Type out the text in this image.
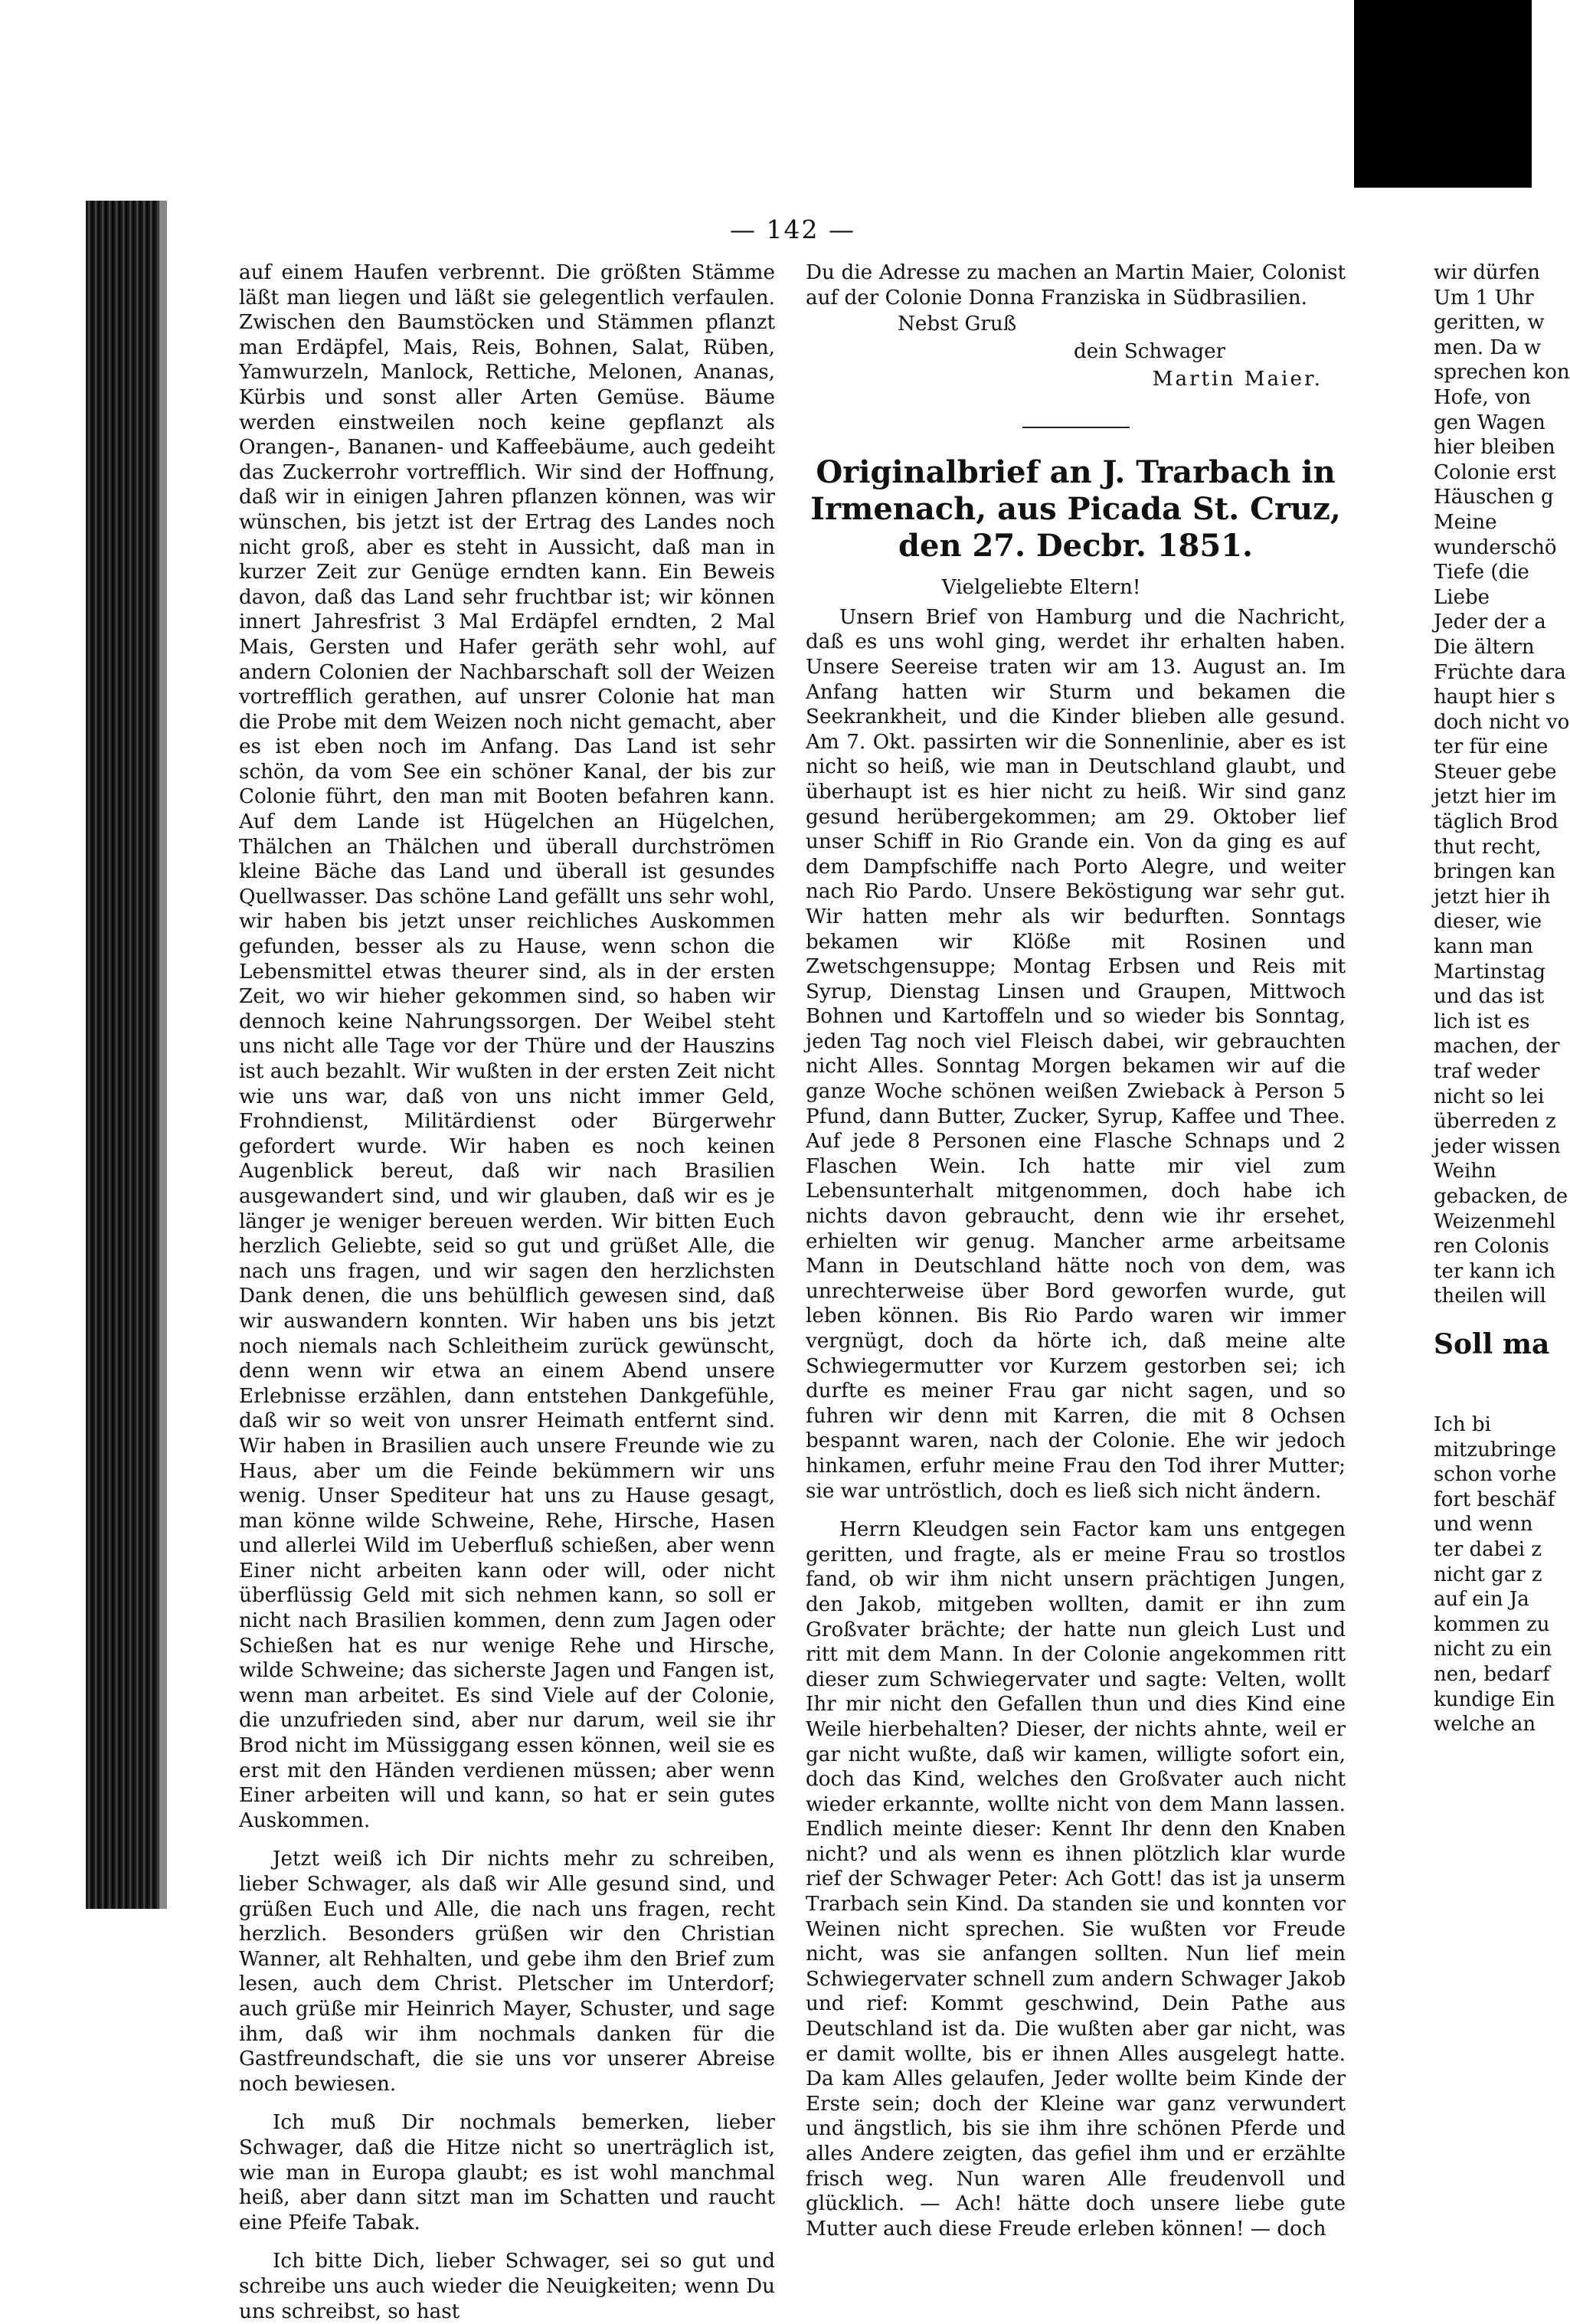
— 142 —

auf einem Haufen verbrennt. Die größten Stämme läßt man liegen und läßt sie gelegentlich verfaulen. Zwischen den Baumstöcken und Stämmen pflanzt man Erdäpfel, Mais, Reis, Bohnen, Salat, Rüben, Yamwurzeln, Manlock, Rettiche, Melonen, Ananas, Kürbis und sonst aller Arten Gemüse. Bäume werden einstweilen noch keine gepflanzt als Orangen-, Bananen- und Kaffeebäume, auch gedeiht das Zuckerrohr vortrefflich. Wir sind der Hoffnung, daß wir in einigen Jahren pflanzen können, was wir wünschen, bis jetzt ist der Ertrag des Landes noch nicht groß, aber es steht in Aussicht, daß man in kurzer Zeit zur Genüge erndten kann. Ein Beweis davon, daß das Land sehr fruchtbar ist; wir können innert Jahresfrist 3 Mal Erdäpfel erndten, 2 Mal Mais, Gersten und Hafer geräth sehr wohl, auf andern Colonien der Nachbarschaft soll der Weizen vortrefflich gerathen, auf unsrer Colonie hat man die Probe mit dem Weizen noch nicht gemacht, aber es ist eben noch im Anfang. Das Land ist sehr schön, da vom See ein schöner Kanal, der bis zur Colonie führt, den man mit Booten befahren kann. Auf dem Lande ist Hügelchen an Hügelchen, Thälchen an Thälchen und überall durchströmen kleine Bäche das Land und überall ist gesundes Quellwasser. Das schöne Land gefällt uns sehr wohl, wir haben bis jetzt unser reichliches Auskommen gefunden, besser als zu Hause, wenn schon die Lebensmittel etwas theurer sind, als in der ersten Zeit, wo wir hieher gekommen sind, so haben wir dennoch keine Nahrungssorgen. Der Weibel steht uns nicht alle Tage vor der Thüre und der Hauszins ist auch bezahlt. Wir wußten in der ersten Zeit nicht wie uns war, daß von uns nicht immer Geld, Frohndienst, Militärdienst oder Bürgerwehr gefordert wurde. Wir haben es noch keinen Augenblick bereut, daß wir nach Brasilien ausgewandert sind, und wir glauben, daß wir es je länger je weniger bereuen werden. Wir bitten Euch herzlich Geliebte, seid so gut und grüßet Alle, die nach uns fragen, und wir sagen den herzlichsten Dank denen, die uns behülflich gewesen sind, daß wir auswandern konnten. Wir haben uns bis jetzt noch niemals nach Schleitheim zurück gewünscht, denn wenn wir etwa an einem Abend unsere Erlebnisse erzählen, dann entstehen Dankgefühle, daß wir so weit von unsrer Heimath entfernt sind. Wir haben in Brasilien auch unsere Freunde wie zu Haus, aber um die Feinde bekümmern wir uns wenig. Unser Spediteur hat uns zu Hause gesagt, man könne wilde Schweine, Rehe, Hirsche, Hasen und allerlei Wild im Ueberfluß schießen, aber wenn Einer nicht arbeiten kann oder will, oder nicht überflüssig Geld mit sich nehmen kann, so soll er nicht nach Brasilien kommen, denn zum Jagen oder Schießen hat es nur wenige Rehe und Hirsche, wilde Schweine; das sicherste Jagen und Fangen ist, wenn man arbeitet. Es sind Viele auf der Colonie, die unzufrieden sind, aber nur darum, weil sie ihr Brod nicht im Müssiggang essen können, weil sie es erst mit den Händen verdienen müssen; aber wenn Einer arbeiten will und kann, so hat er sein gutes Auskommen.

Jetzt weiß ich Dir nichts mehr zu schreiben, lieber Schwager, als daß wir Alle gesund sind, und grüßen Euch und Alle, die nach uns fragen, recht herzlich. Besonders grüßen wir den Christian Wanner, alt Rehhalten, und gebe ihm den Brief zum lesen, auch dem Christ. Pletscher im Unterdorf; auch grüße mir Heinrich Mayer, Schuster, und sage ihm, daß wir ihm nochmals danken für die Gastfreundschaft, die sie uns vor unserer Abreise noch bewiesen.

Ich muß Dir nochmals bemerken, lieber Schwager, daß die Hitze nicht so unerträglich ist, wie man in Europa glaubt; es ist wohl manchmal heiß, aber dann sitzt man im Schatten und raucht eine Pfeife Tabak.

Ich bitte Dich, lieber Schwager, sei so gut und schreibe uns auch wieder die Neuigkeiten; wenn Du uns schreibst, so hast

Du die Adresse zu machen an Martin Maier, Colonist auf der Colonie Donna Franziska in Südbrasilien.

Nebst Gruß
dein Schwager
Martin Maier.
Originalbrief an J. Trarbach in Irmenach, aus Picada St. Cruz, den 27. Decbr. 1851.
Vielgeliebte Eltern!

Unsern Brief von Hamburg und die Nachricht, daß es uns wohl ging, werdet ihr erhalten haben. Unsere Seereise traten wir am 13. August an. Im Anfang hatten wir Sturm und bekamen die Seekrankheit, und die Kinder blieben alle gesund. Am 7. Okt. passirten wir die Sonnenlinie, aber es ist nicht so heiß, wie man in Deutschland glaubt, und überhaupt ist es hier nicht zu heiß. Wir sind ganz gesund herübergekommen; am 29. Oktober lief unser Schiff in Rio Grande ein. Von da ging es auf dem Dampfschiffe nach Porto Alegre, und weiter nach Rio Pardo. Unsere Beköstigung war sehr gut. Wir hatten mehr als wir bedurften. Sonntags bekamen wir Klöße mit Rosinen und Zwetschgensuppe; Montag Erbsen und Reis mit Syrup, Dienstag Linsen und Graupen, Mittwoch Bohnen und Kartoffeln und so wieder bis Sonntag, jeden Tag noch viel Fleisch dabei, wir gebrauchten nicht Alles. Sonntag Morgen bekamen wir auf die ganze Woche schönen weißen Zwieback à Person 5 Pfund, dann Butter, Zucker, Syrup, Kaffee und Thee. Auf jede 8 Personen eine Flasche Schnaps und 2 Flaschen Wein. Ich hatte mir viel zum Lebensunterhalt mitgenommen, doch habe ich nichts davon gebraucht, denn wie ihr ersehet, erhielten wir genug. Mancher arme arbeitsame Mann in Deutschland hätte noch von dem, was unrechterweise über Bord geworfen wurde, gut leben können. Bis Rio Pardo waren wir immer vergnügt, doch da hörte ich, daß meine alte Schwiegermutter vor Kurzem gestorben sei; ich durfte es meiner Frau gar nicht sagen, und so fuhren wir denn mit Karren, die mit 8 Ochsen bespannt waren, nach der Colonie. Ehe wir jedoch hinkamen, erfuhr meine Frau den Tod ihrer Mutter; sie war untröstlich, doch es ließ sich nicht ändern.

Herrn Kleudgen sein Factor kam uns entgegen geritten, und fragte, als er meine Frau so trostlos fand, ob wir ihm nicht unsern prächtigen Jungen, den Jakob, mitgeben wollten, damit er ihn zum Großvater brächte; der hatte nun gleich Lust und ritt mit dem Mann. In der Colonie angekommen ritt dieser zum Schwiegervater und sagte: Velten, wollt Ihr mir nicht den Gefallen thun und dies Kind eine Weile hierbehalten? Dieser, der nichts ahnte, weil er gar nicht wußte, daß wir kamen, willigte sofort ein, doch das Kind, welches den Großvater auch nicht wieder erkannte, wollte nicht von dem Mann lassen. Endlich meinte dieser: Kennt Ihr denn den Knaben nicht? und als wenn es ihnen plötzlich klar wurde rief der Schwager Peter: Ach Gott! das ist ja unserm Trarbach sein Kind. Da standen sie und konnten vor Weinen nicht sprechen. Sie wußten vor Freude nicht, was sie anfangen sollten. Nun lief mein Schwiegervater schnell zum andern Schwager Jakob und rief: Kommt geschwind, Dein Pathe aus Deutschland ist da. Die wußten aber gar nicht, was er damit wollte, bis er ihnen Alles ausgelegt hatte. Da kam Alles gelaufen, Jeder wollte beim Kinde der Erste sein; doch der Kleine war ganz verwundert und ängstlich, bis sie ihm ihre schönen Pferde und alles Andere zeigten, das gefiel ihm und er erzählte frisch weg. Nun waren Alle freudenvoll und glücklich. — Ach! hätte doch unsere liebe gute Mutter auch diese Freude erleben können! — doch

wir dürfen
Um 1 Uhr
geritten, w
men. Da w
sprechen kon
Hofe, von
gen Wagen
hier bleiben
Colonie erst
Häuschen g
Meine
wunderschö
Tiefe (die
Liebe
Jeder der a
Die ältern
Früchte dara
haupt hier s
doch nicht vo
ter für eine
Steuer gebe
jetzt hier im
täglich Brod
thut recht,
bringen kan
jetzt hier ih
dieser, wie
kann man
Martinstag
und das ist
lich ist es
machen, der
traf weder
nicht so lei
überreden z
jeder wissen
Weihn
gebacken, de
Weizenmehl
ren Colonis
ter kann ich
theilen will
Soll ma
Ich bi
mitzubringe
schon vorhe
fort beschäf
und wenn
ter dabei z
nicht gar z
auf ein Ja
kommen zu
nicht zu ein
nen, bedarf
kundige Ein
welche an
